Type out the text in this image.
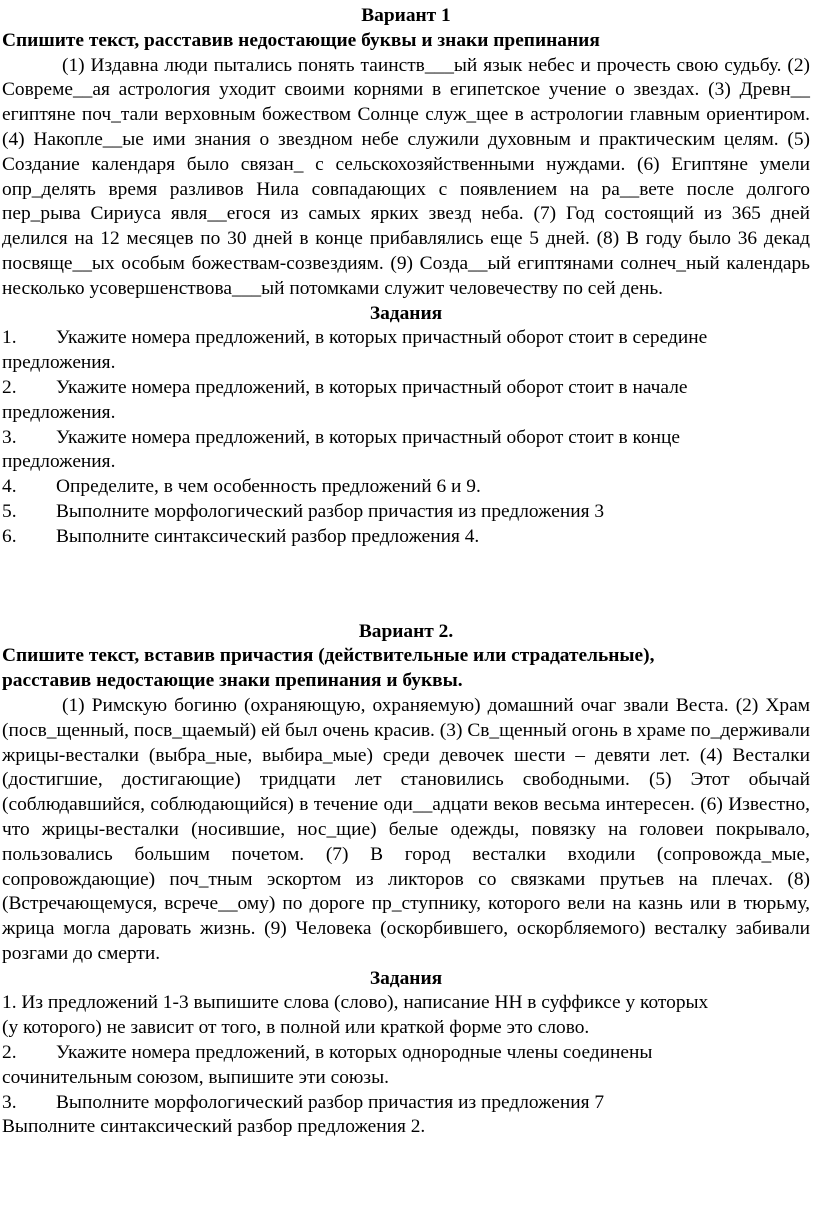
Вариант 1
Спишите текст, расставив недостающие буквы и знаки препинания
(1) Издавна люди пытались понять таинств___ый язык небес и прочесть свою судьбу. (2) Совреме__ая астрология уходит своими корнями в египетское учение о звездах. (3) Древн__ египтяне поч_тали верховным божеством Солнце служ_щее в астрологии главным ориентиром. (4) Накопле__ые ими знания о звездном небе служили духовным и практическим целям. (5) Создание календаря было связан_ с сельскохозяйственными нуждами. (6) Египтяне умели опр_делять время разливов Нила совпадающих с появлением на ра__вете после долгого пер_рыва Сириуса явля__егося из самых ярких звезд неба. (7) Год состоящий из 365 дней делился на 12 месяцев по 30 дней в конце прибавлялись еще 5 дней. (8) В году было 36 декад посвяще__ых особым божествам-созвездиям. (9) Созда__ый египтянами солнеч_ный календарь несколько усовершенствова___ый потомками служит человечеству по сей день.
Задания
1.	Укажите номера предложений, в которых причастный оборот стоит в середине
предложения.
2.	Укажите номера предложений, в которых причастный оборот стоит в начале
предложения.
3.	Укажите номера предложений, в которых причастный оборот стоит в конце
предложения.
4.	Определите, в чем особенность предложений 6 и 9.
5.	Выполните морфологический разбор причастия из предложения 3
6.	Выполните синтаксический разбор предложения 4.
Вариант 2.
Спишите текст, вставив причастия (действительные или страдательные),
расставив недостающие знаки препинания и буквы.
(1) Римскую богиню (охраняющую, охраняемую) домашний очаг звали Веста. (2) Храм (посв_щенный, посв_щаемый) ей был очень красив. (3) Св_щенный огонь в храме по_держивали жрицы-весталки (выбра_ные, выбира_мые) среди девочек шести – девяти лет. (4) Весталки (достигшие, достигающие) тридцати лет становились свободными. (5) Этот обычай (соблюдавшийся, соблюдающийся) в течение оди__адцати веков весьма интересен. (6) Известно, что жрицы-весталки (носившие, нос_щие) белые одежды, повязку на головеи покрывало, пользовались большим почетом. (7) В город весталки входили (сопровожда_мые, сопровождающие) поч_тным эскортом из ликторов со связками прутьев на плечах. (8) (Встречающемуся, всрече__ому) по дороге пр_ступнику, которого вели на казнь или в тюрьму, жрица могла даровать жизнь. (9) Человека (оскорбившего, оскорбляемого) весталку забивали розгами до смерти.
Задания
1. Из предложений 1-3 выпишите слова (слово), написание НН в суффиксе у которых
(у которого) не зависит от того, в полной или краткой форме это слово.
2.	Укажите номера предложений, в которых однородные члены соединены
сочинительным союзом, выпишите эти союзы.
3.	Выполните морфологический разбор причастия из предложения 7
Выполните синтаксический разбор предложения 2.
